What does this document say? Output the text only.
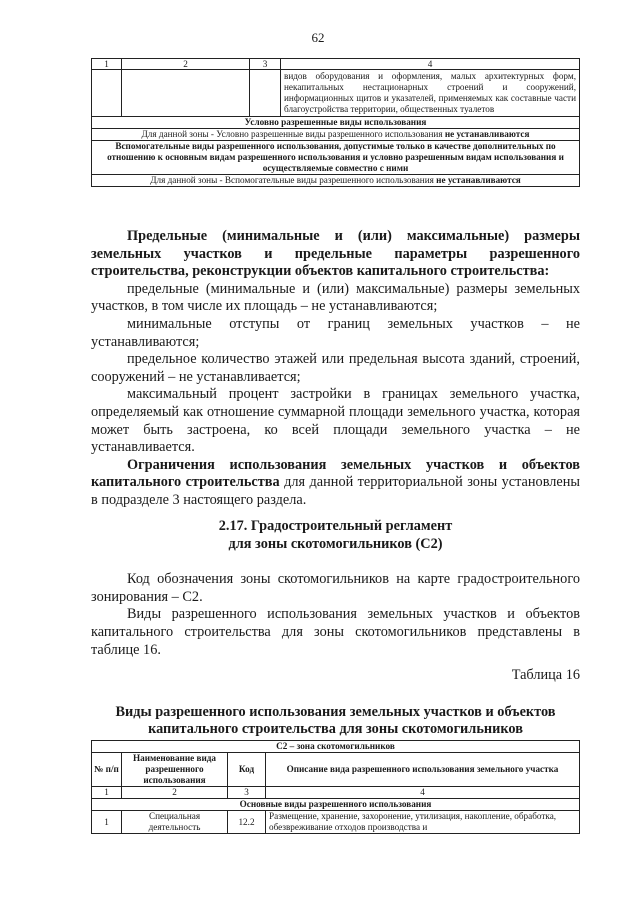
62
1	2	3	4
			видов оборудования и оформления, малых архитектурных форм, некапитальных нестационарных строений и сооружений, информационных щитов и указателей, применяемых как составные части благоустройства территории, общественных туалетов
Условно разрешенные виды использования			
Для данной зоны - Условно разрешенные виды разрешенного использования не устанавливаются			
Вспомогательные виды разрешенного использования, допустимые только в качестве дополнительных по отношению к основным видам разрешенного использования и условно разрешенным видам использования и осуществляемые совместно с ними			
Для данной зоны - Вспомогательные виды разрешенного использования не устанавливаются			

Предельные (минимальные и (или) максимальные) размеры земельных участков и предельные параметры разрешенного строительства, реконструкции объектов капитального строительства:

предельные (минимальные и (или) максимальные) размеры земельных участков, в том числе их площадь – не устанавливаются;

минимальные отступы от границ земельных участков – не устанавливаются;

предельное количество этажей или предельная высота зданий, строений, сооружений – не устанавливается;

максимальный процент застройки в границах земельного участка, определяемый как отношение суммарной площади земельного участка, которая может быть застроена, ко всей площади земельного участка – не устанавливается.

Ограничения использования земельных участков и объектов капитального строительства для данной территориальной зоны установлены в подразделе 3 настоящего раздела.

2.17. Градостроительный регламент

для зоны скотомогильников (С2)

Код обозначения зоны скотомогильников на карте градостроительного зонирования – С2.

Виды разрешенного использования земельных участков и объектов капитального строительства для зоны скотомогильников представлены в таблице 16.

Таблица 16

Виды разрешенного использования земельных участков и объектов

капитального строительства для зоны скотомогильников

С2 – зона скотомогильников			
№ п/п	Наименование вида разрешенного использования	Код	Описание вида разрешенного использования земельного участка
1	2	3	4
Основные виды разрешенного использования			
1	Специальная деятельность	12.2	Размещение, хранение, захоронение, утилизация, накопление, обработка, обезвреживание отходов производства и
